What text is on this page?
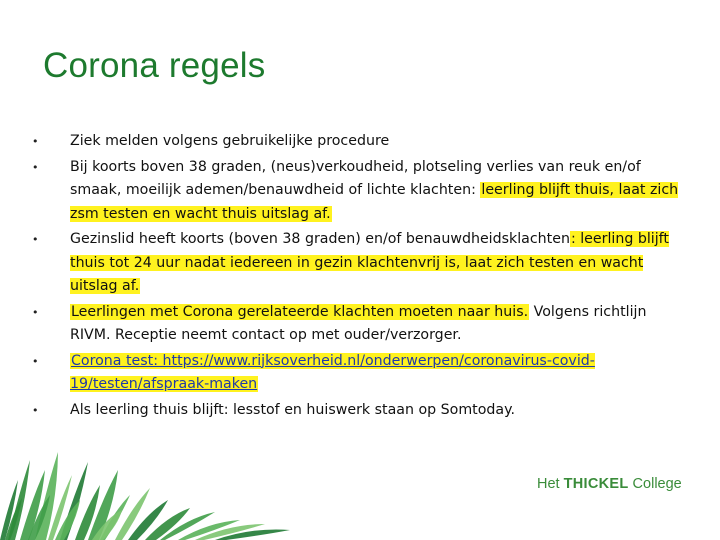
Corona regels
• Ziek melden volgens gebruikelijke procedure
• Bij koorts boven 38 graden, (neus)verkoudheid, plotseling verlies van reuk en/of smaak, moeilijk ademen/benauwdheid of lichte klachten: leerling blijft thuis, laat zich zsm testen en wacht thuis uitslag af.
• Gezinslid heeft koorts (boven 38 graden) en/of benauwdheidsklachten: leerling blijft thuis tot 24 uur nadat iedereen in gezin klachtenvrij is, laat zich testen en wacht uitslag af.
• Leerlingen met Corona gerelateerde klachten moeten naar huis. Volgens richtlijn RIVM. Receptie neemt contact op met ouder/verzorger.
• Corona test: https://www.rijksoverheid.nl/onderwerpen/coronavirus-covid-19/testen/afspraak-maken
• Als leerling thuis blijft: lesstof en huiswerk staan op Somtoday.
Het THICKEL College
